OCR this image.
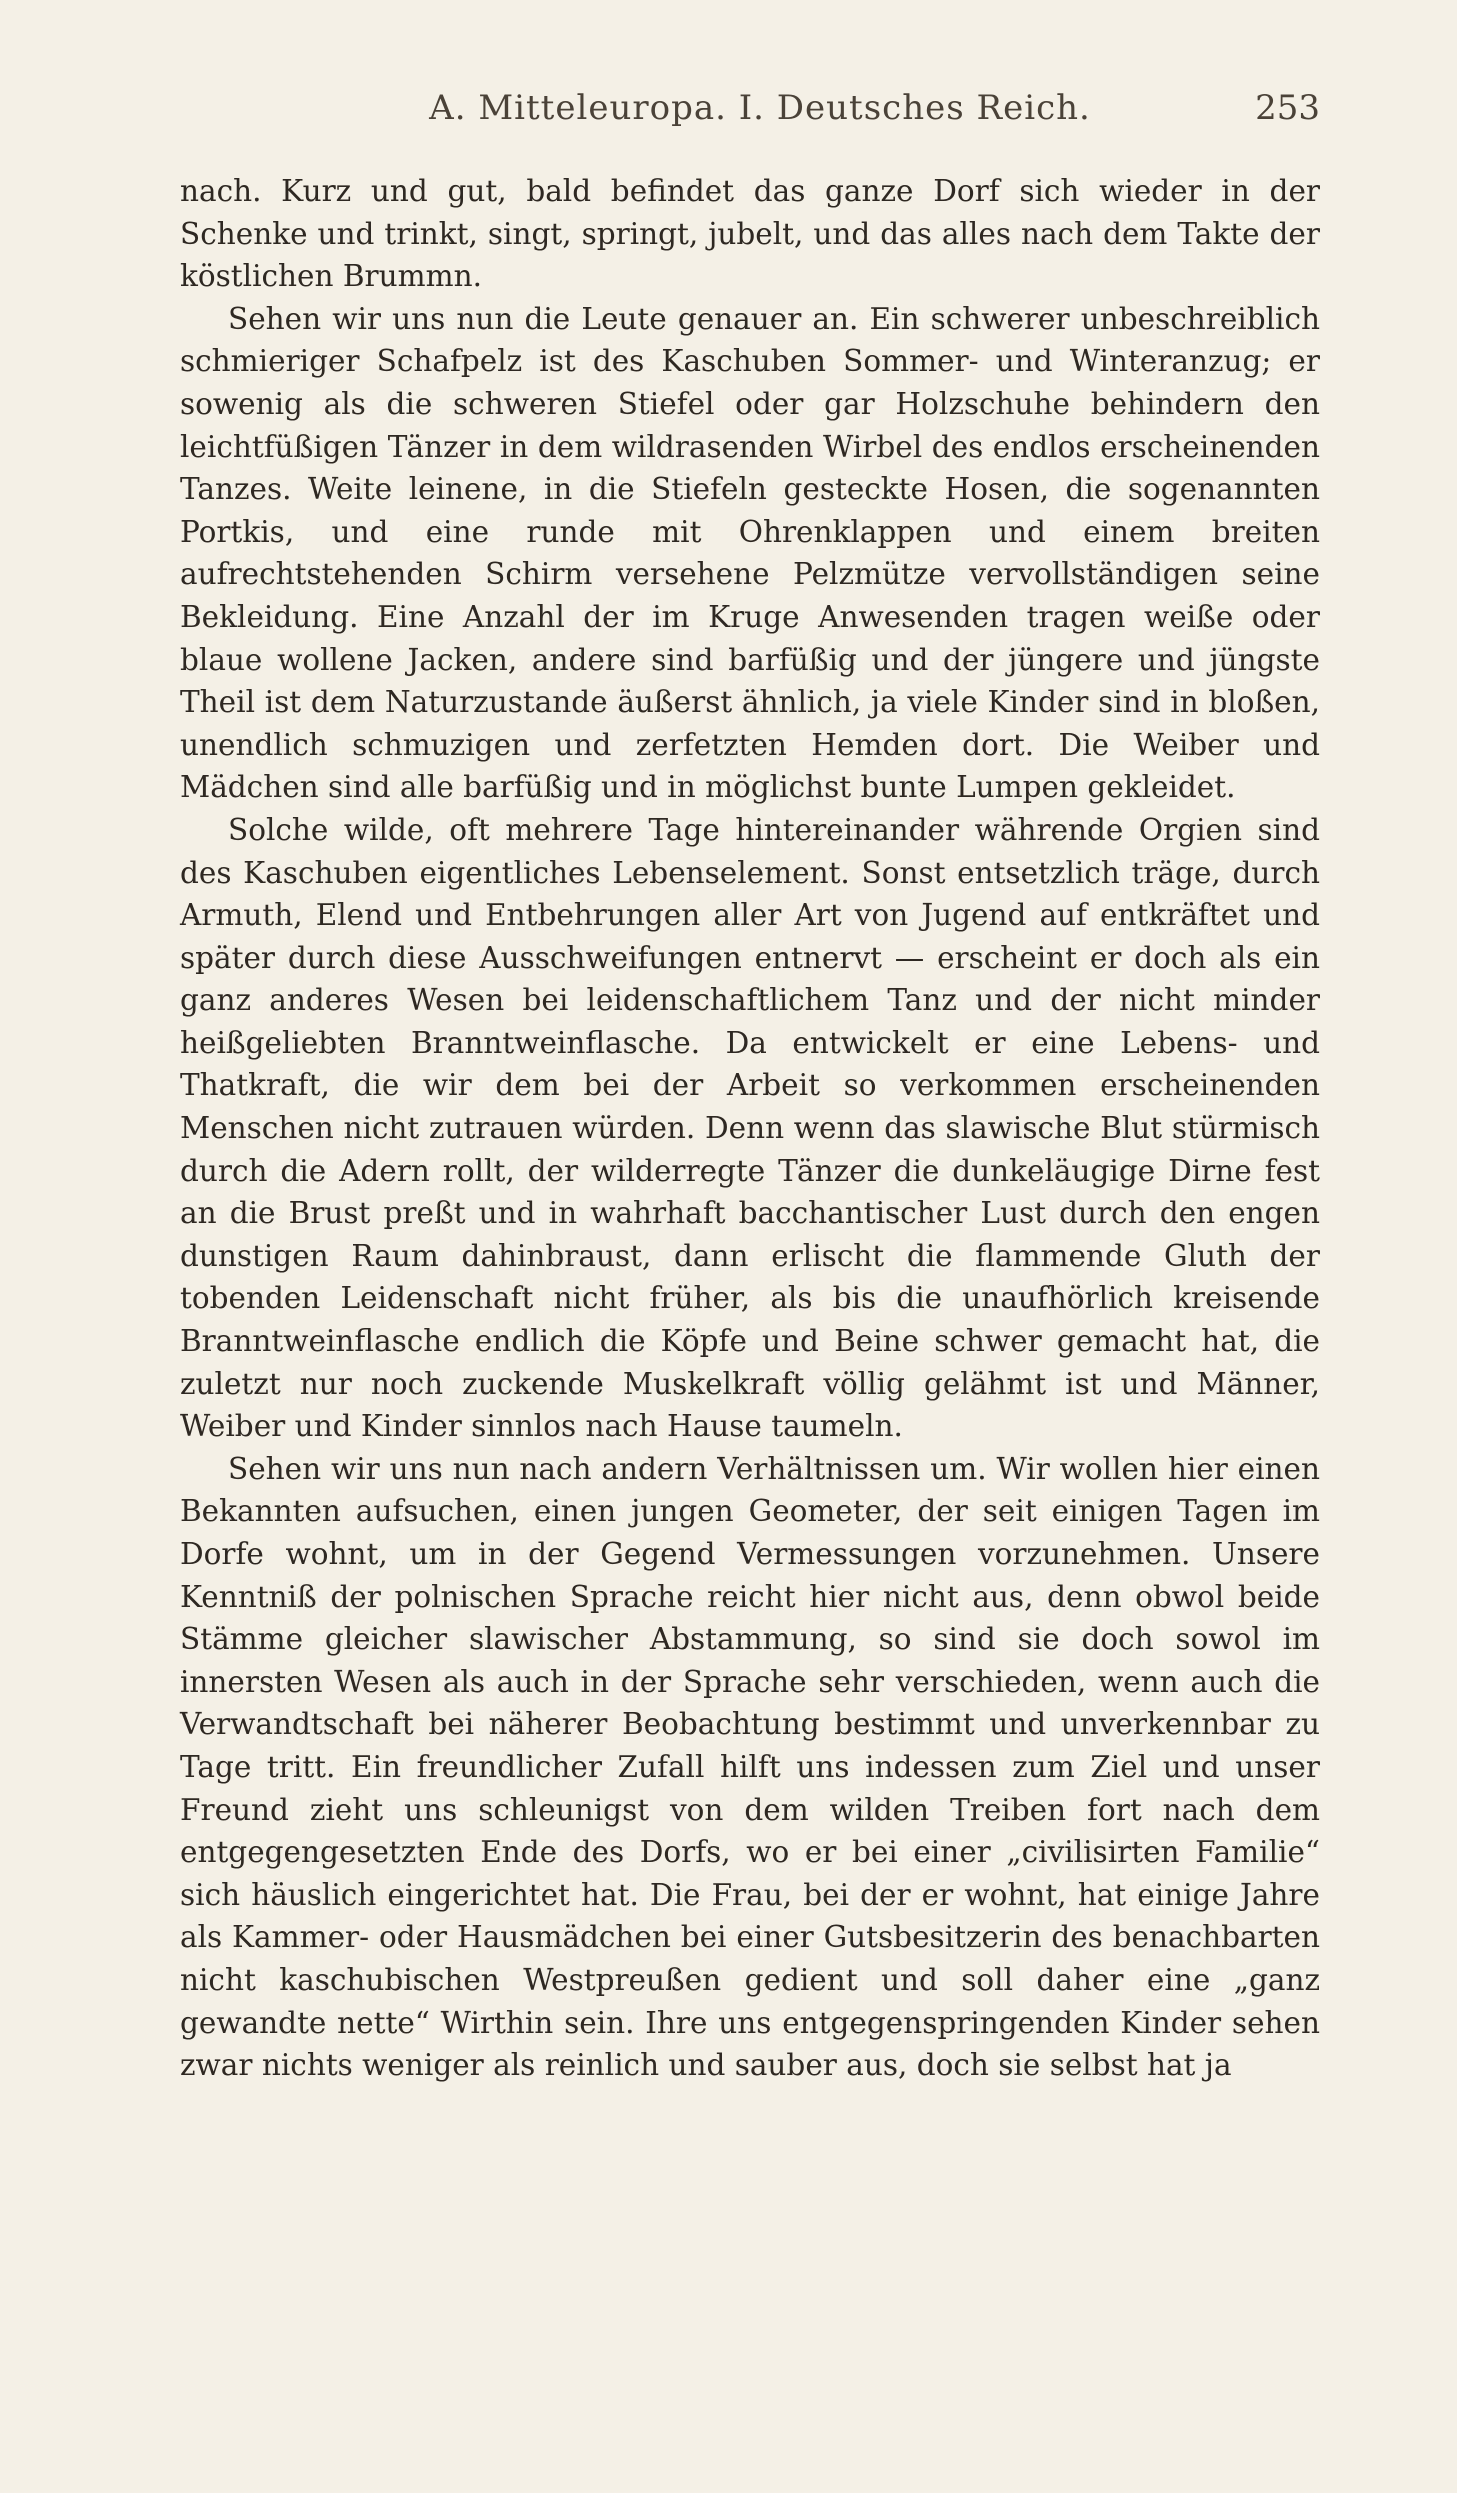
A. Mitteleuropa. I. Deutsches Reich.	253

nach. Kurz und gut, bald befindet das ganze Dorf sich wieder in der Schenke und trinkt, singt, springt, jubelt, und das alles nach dem Takte der köstlichen Brummn.

Sehen wir uns nun die Leute genauer an. Ein schwerer unbeschreiblich schmieriger Schafpelz ist des Kaschuben Sommer- und Winteranzug; er sowenig als die schweren Stiefel oder gar Holzschuhe behindern den leichtfüßigen Tänzer in dem wildrasenden Wirbel des endlos erscheinenden Tanzes. Weite leinene, in die Stiefeln gesteckte Hosen, die sogenannten Portkis, und eine runde mit Ohrenklappen und einem breiten aufrechtstehenden Schirm versehene Pelzmütze vervollständigen seine Bekleidung. Eine Anzahl der im Kruge Anwesenden tragen weiße oder blaue wollene Jacken, andere sind barfüßig und der jüngere und jüngste Theil ist dem Naturzustande äußerst ähnlich, ja viele Kinder sind in bloßen, unendlich schmuzigen und zerfetzten Hemden dort. Die Weiber und Mädchen sind alle barfüßig und in möglichst bunte Lumpen gekleidet.

Solche wilde, oft mehrere Tage hintereinander währende Orgien sind des Kaschuben eigentliches Lebenselement. Sonst entsetzlich träge, durch Armuth, Elend und Entbehrungen aller Art von Jugend auf entkräftet und später durch diese Ausschweifungen entnervt — erscheint er doch als ein ganz anderes Wesen bei leidenschaftlichem Tanz und der nicht minder heißgeliebten Branntweinflasche. Da entwickelt er eine Lebens- und Thatkraft, die wir dem bei der Arbeit so verkommen erscheinenden Menschen nicht zutrauen würden. Denn wenn das slawische Blut stürmisch durch die Adern rollt, der wilderregte Tänzer die dunkeläugige Dirne fest an die Brust preßt und in wahrhaft bacchantischer Lust durch den engen dunstigen Raum dahinbraust, dann erlischt die flammende Gluth der tobenden Leidenschaft nicht früher, als bis die unaufhörlich kreisende Branntweinflasche endlich die Köpfe und Beine schwer gemacht hat, die zuletzt nur noch zuckende Muskelkraft völlig gelähmt ist und Männer, Weiber und Kinder sinnlos nach Hause taumeln.

Sehen wir uns nun nach andern Verhältnissen um. Wir wollen hier einen Bekannten aufsuchen, einen jungen Geometer, der seit einigen Tagen im Dorfe wohnt, um in der Gegend Vermessungen vorzunehmen. Unsere Kenntniß der polnischen Sprache reicht hier nicht aus, denn obwol beide Stämme gleicher slawischer Abstammung, so sind sie doch sowol im innersten Wesen als auch in der Sprache sehr verschieden, wenn auch die Verwandtschaft bei näherer Beobachtung bestimmt und unverkennbar zu Tage tritt. Ein freundlicher Zufall hilft uns indessen zum Ziel und unser Freund zieht uns schleunigst von dem wilden Treiben fort nach dem entgegengesetzten Ende des Dorfs, wo er bei einer „civilisirten Familie“ sich häuslich eingerichtet hat. Die Frau, bei der er wohnt, hat einige Jahre als Kammer- oder Hausmädchen bei einer Gutsbesitzerin des benachbarten nicht kaschubischen Westpreußen gedient und soll daher eine „ganz gewandte nette“ Wirthin sein. Ihre uns entgegenspringenden Kinder sehen zwar nichts weniger als reinlich und sauber aus, doch sie selbst hat ja
